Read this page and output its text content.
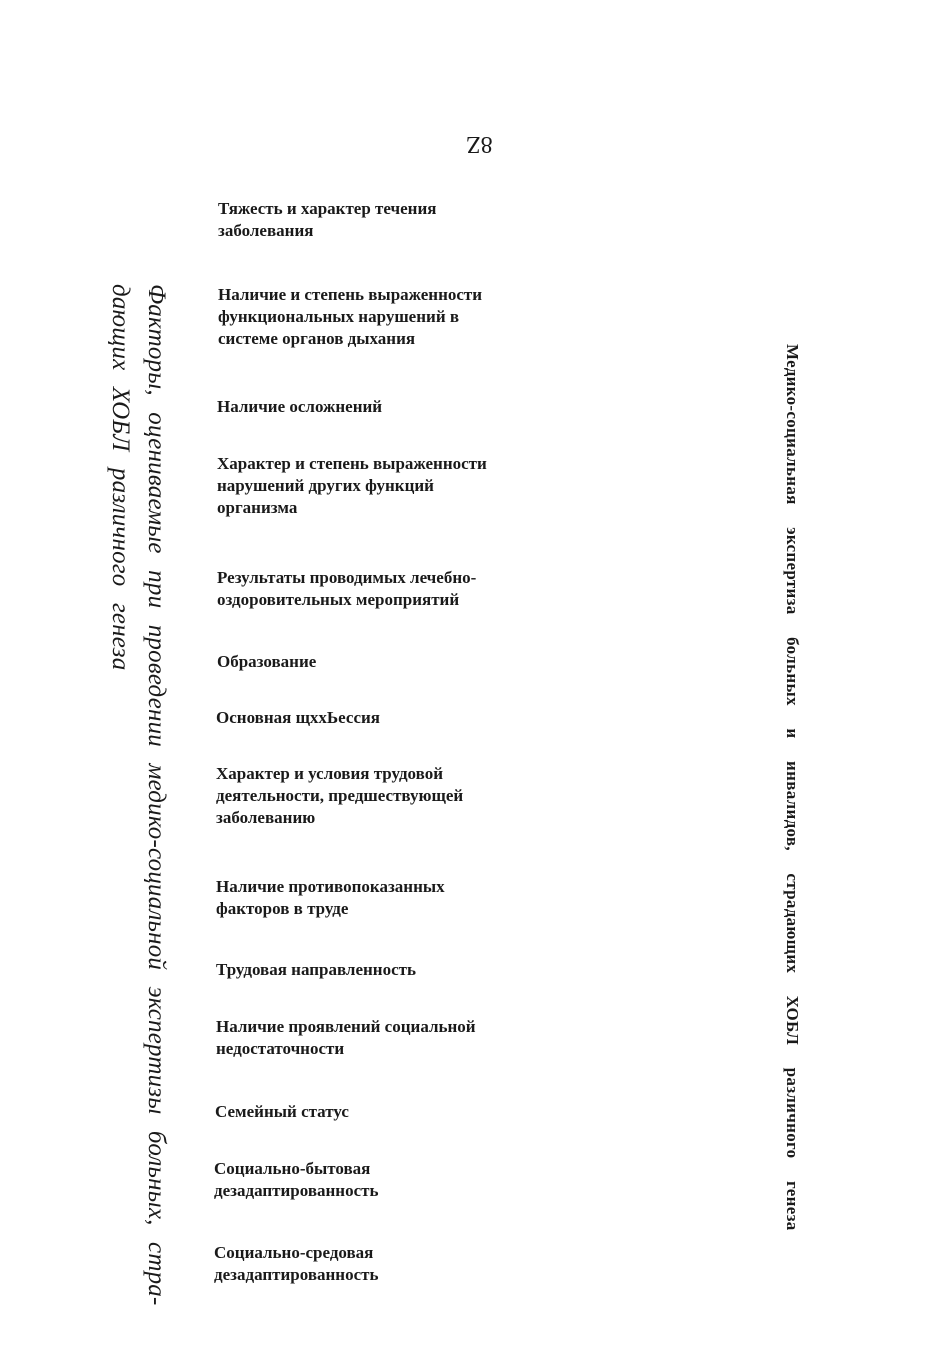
8Z
Тяжесть и характер течения
заболевания
Наличие и степень выраженности
функциональных нарушений в
системе органов дыхания
Наличие осложнений
Характер и степень выраженности
нарушений других функций
организма
Результаты проводимых лечебно-
оздоровительных мероприятий
Образование
Основная щххЬессия
Характер и условия трудовой
деятельности, предшествующей
заболеванию
Наличие противопоказанных
факторов в труде
Трудовая направленность
Наличие проявлений социальной
недостаточности
Семейный статус
Социально-бытовая
дезадаптированность
Социально-средовая
дезадаптированность
Медико-социальная экспертиза больных и инвалидов, страдающих ХОБЛ различного генеза
Факторы, оцениваемые при проведении медико-социальной экспертизы больных, стра-
дающих ХОБЛ различного генеза
